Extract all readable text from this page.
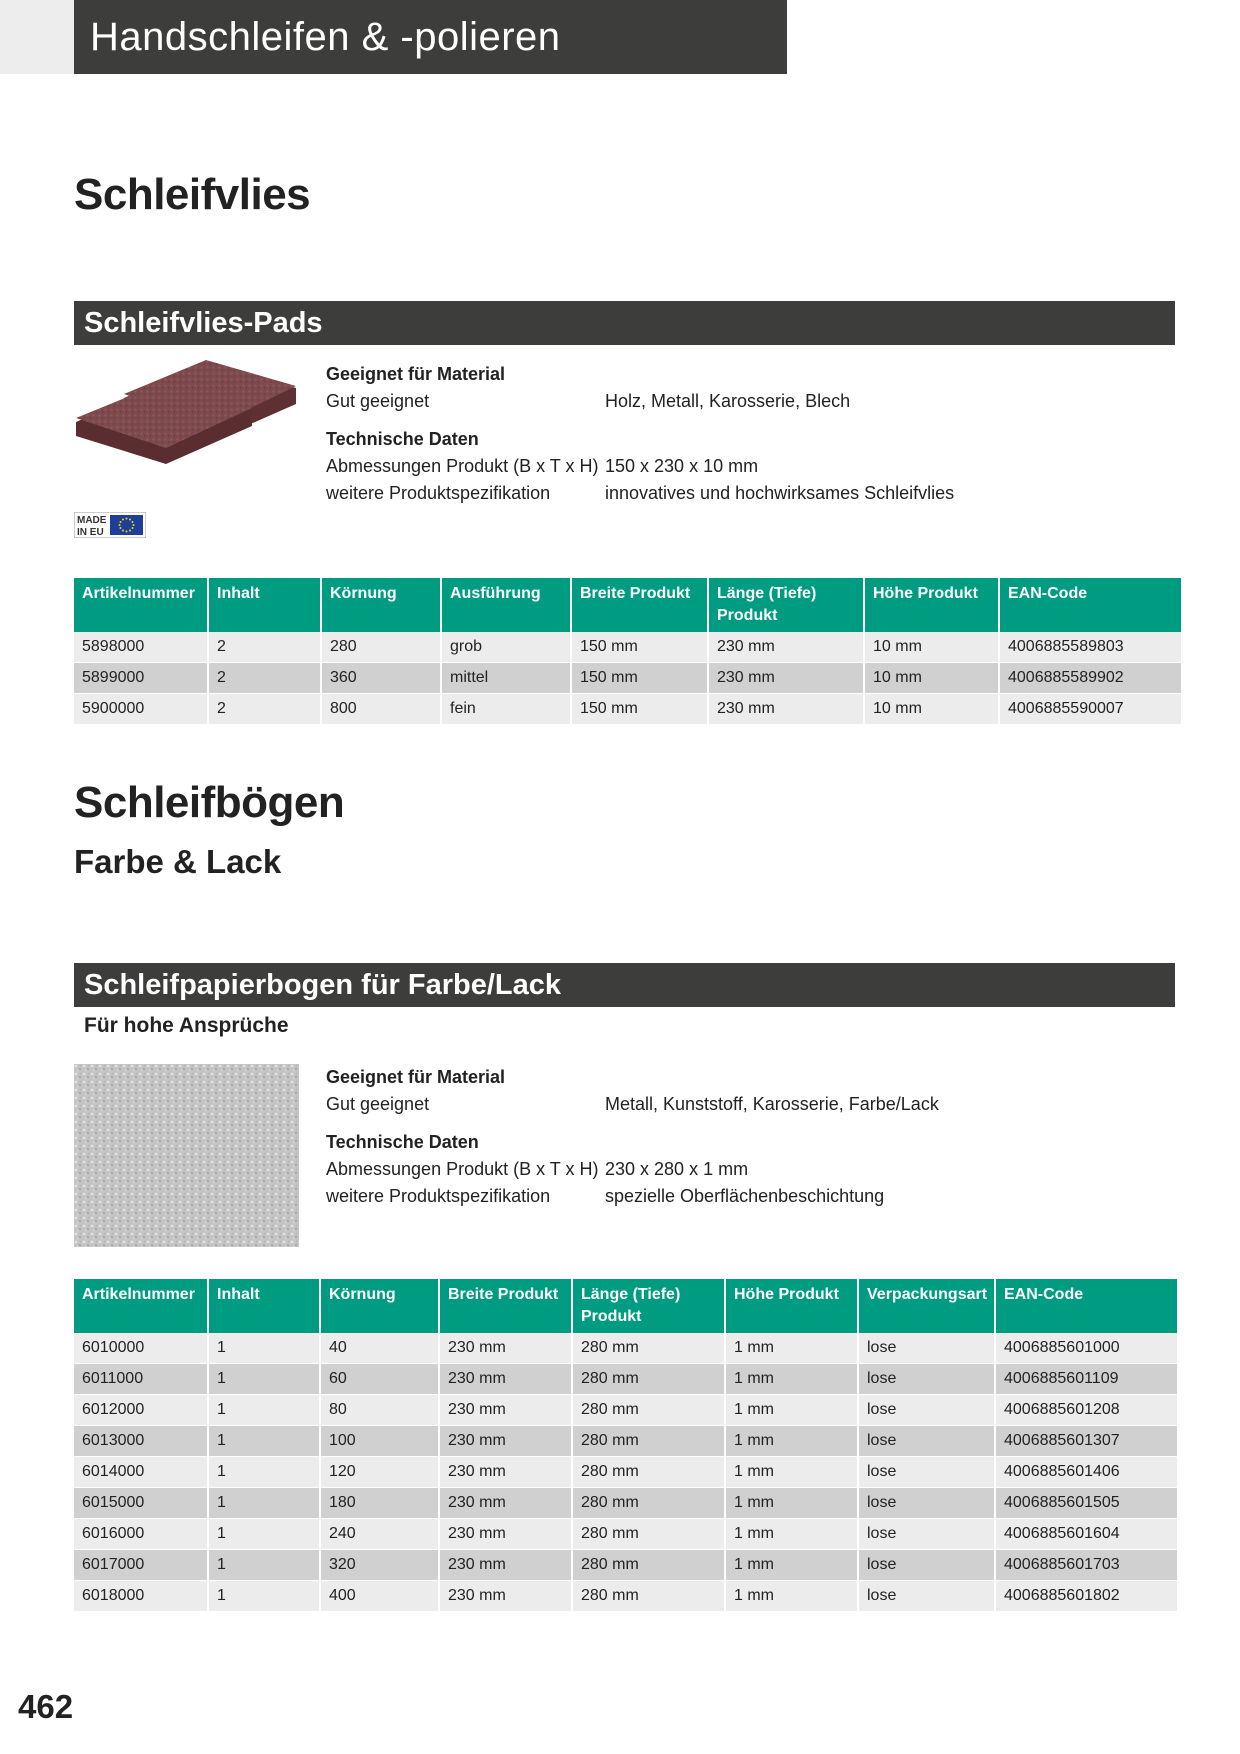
Handschleifen & -polieren
Schleifvlies
Schleifvlies-Pads
MADE
IN EU
Geeignet für Material
Gut geeignet	Holz, Metall, Karosserie, Blech
Technische Daten
Abmessungen Produkt (B x T x H) 150 x 230 x 10 mm
weitere Produktspezifikation	innovatives und hochwirksames Schleifvlies
Artikelnummer	Inhalt	Körnung	Ausführung	Breite Produkt	Länge (Tiefe) Produkt	Höhe Produkt	EAN-Code
5898000	2	280	grob	150 mm	230 mm	10 mm	4006885589803
5899000	2	360	mittel	150 mm	230 mm	10 mm	4006885589902
5900000	2	800	fein	150 mm	230 mm	10 mm	4006885590007
Schleifbögen
Farbe & Lack
Schleifpapierbogen für Farbe/Lack
Für hohe Ansprüche
Geeignet für Material
Gut geeignet	Metall, Kunststoff, Karosserie, Farbe/Lack
Technische Daten
Abmessungen Produkt (B x T x H) 230 x 280 x 1 mm
weitere Produktspezifikation	spezielle Oberflächenbeschichtung
Artikelnummer	Inhalt	Körnung	Breite Produkt	Länge (Tiefe) Produkt	Höhe Produkt	Verpackungsart	EAN-Code
6010000	1	40	230 mm	280 mm	1 mm	lose	4006885601000
6011000	1	60	230 mm	280 mm	1 mm	lose	4006885601109
6012000	1	80	230 mm	280 mm	1 mm	lose	4006885601208
6013000	1	100	230 mm	280 mm	1 mm	lose	4006885601307
6014000	1	120	230 mm	280 mm	1 mm	lose	4006885601406
6015000	1	180	230 mm	280 mm	1 mm	lose	4006885601505
6016000	1	240	230 mm	280 mm	1 mm	lose	4006885601604
6017000	1	320	230 mm	280 mm	1 mm	lose	4006885601703
6018000	1	400	230 mm	280 mm	1 mm	lose	4006885601802
462
